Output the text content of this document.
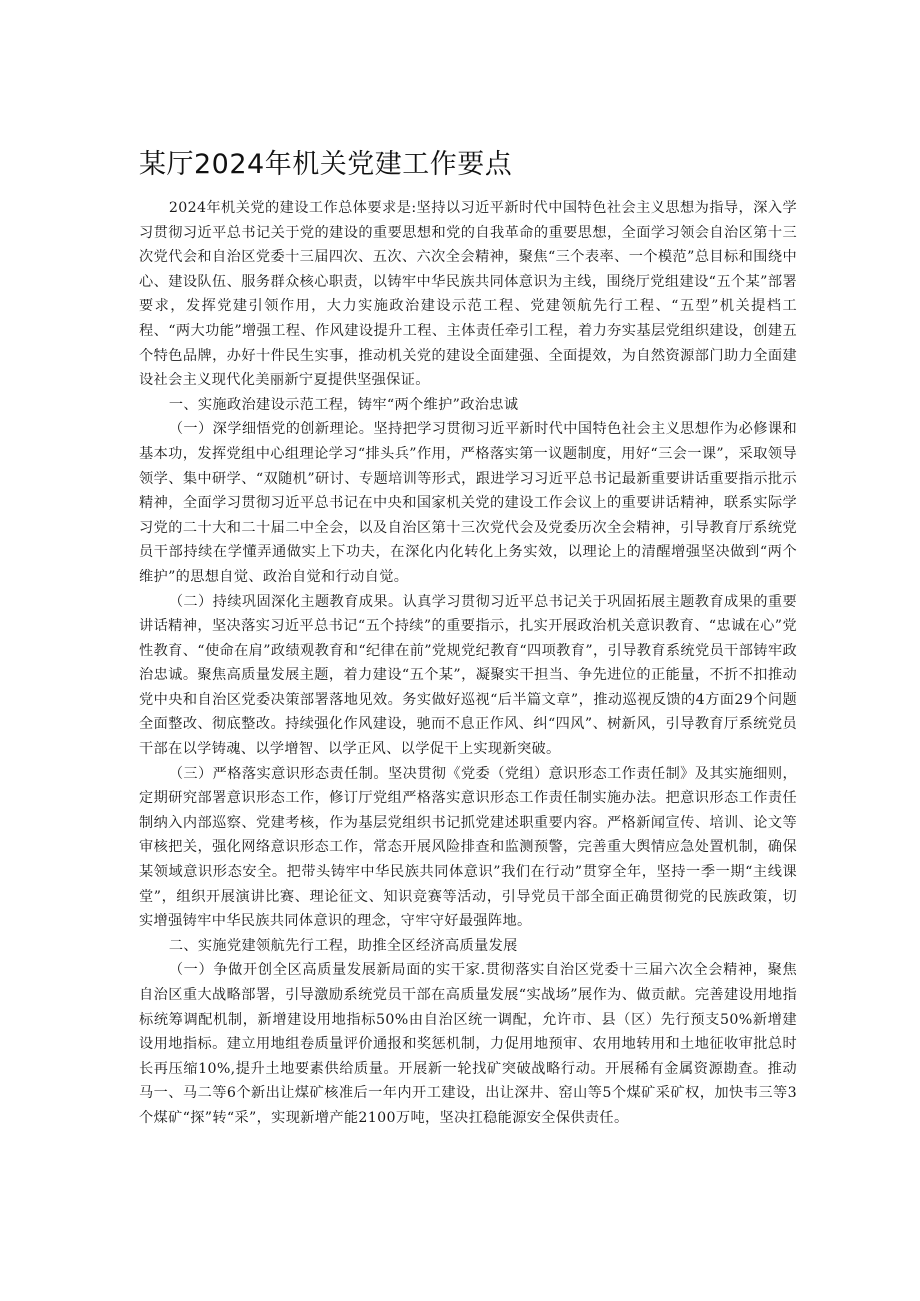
某厅2024年机关党建工作要点

2024年机关党的建设工作总体要求是:坚持以习近平新时代中国特色社会主义思想为指导，深入学习贯彻习近平总书记关于党的建设的重要思想和党的自我革命的重要思想，全面学习领会自治区第十三次党代会和自治区党委十三届四次、五次、六次全会精神，聚焦“三个表率、一个模范”总目标和围绕中心、建设队伍、服务群众核心职责，以铸牢中华民族共同体意识为主线，围绕厅党组建设“五个某”部署要求，发挥党建引领作用，大力实施政治建设示范工程、党建领航先行工程、“五型”机关提档工程、“两大功能”增强工程、作风建设提升工程、主体责任牵引工程，着力夯实基层党组织建设，创建五个特色品牌，办好十件民生实事，推动机关党的建设全面建强、全面提效，为自然资源部门助力全面建设社会主义现代化美丽新宁夏提供坚强保证。

一、实施政治建设示范工程，铸牢“两个维护”政治忠诚

（一）深学细悟党的创新理论。坚持把学习贯彻习近平新时代中国特色社会主义思想作为必修课和基本功，发挥党组中心组理论学习“排头兵”作用，严格落实第一议题制度，用好“三会一课”，采取领导领学、集中研学、“双随机”研讨、专题培训等形式，跟进学习习近平总书记最新重要讲话重要指示批示精神，全面学习贯彻习近平总书记在中央和国家机关党的建设工作会议上的重要讲话精神，联系实际学习党的二十大和二十届二中全会，以及自治区第十三次党代会及党委历次全会精神，引导教育厅系统党员干部持续在学懂弄通做实上下功夫，在深化内化转化上务实效，以理论上的清醒增强坚决做到“两个维护”的思想自觉、政治自觉和行动自觉。

（二）持续巩固深化主题教育成果。认真学习贯彻习近平总书记关于巩固拓展主题教育成果的重要讲话精神，坚决落实习近平总书记“五个持续”的重要指示，扎实开展政治机关意识教育、“忠诚在心”党性教育、“使命在肩”政绩观教育和“纪律在前”党规党纪教育“四项教育”，引导教育系统党员干部铸牢政治忠诚。聚焦高质量发展主题，着力建设“五个某”，凝聚实干担当、争先进位的正能量，不折不扣推动党中央和自治区党委决策部署落地见效。务实做好巡视“后半篇文章”，推动巡视反馈的4方面29个问题全面整改、彻底整改。持续强化作风建设，驰而不息正作风、纠“四风”、树新风，引导教育厅系统党员干部在以学铸魂、以学增智、以学正风、以学促干上实现新突破。

（三）严格落实意识形态责任制。坚决贯彻《党委（党组）意识形态工作责任制》及其实施细则，定期研究部署意识形态工作，修订厅党组严格落实意识形态工作责任制实施办法。把意识形态工作责任制纳入内部巡察、党建考核，作为基层党组织书记抓党建述职重要内容。严格新闻宣传、培训、论文等审核把关，强化网络意识形态工作，常态开展风险排查和监测预警，完善重大舆情应急处置机制，确保某领域意识形态安全。把带头铸牢中华民族共同体意识”我们在行动”贯穿全年，坚持一季一期“主线课堂”，组织开展演讲比赛、理论征文、知识竞赛等活动，引导党员干部全面正确贯彻党的民族政策，切实增强铸牢中华民族共同体意识的理念，守牢守好最强阵地。

二、实施党建领航先行工程，助推全区经济高质量发展

（一）争做开创全区高质量发展新局面的实干家.贯彻落实自治区党委十三届六次全会精神，聚焦自治区重大战略部署，引导激励系统党员干部在高质量发展“实战场”展作为、做贡献。完善建设用地指标统筹调配机制，新增建设用地指标50%由自治区统一调配，允许市、县（区）先行预支50%新增建设用地指标。建立用地组卷质量评价通报和奖惩机制，力促用地预审、农用地转用和土地征收审批总时长再压缩10%,提升土地要素供给质量。开展新一轮找矿突破战略行动。开展稀有金属资源勘查。推动马一、马二等6个新出让煤矿核准后一年内开工建设，出让深井、窑山等5个煤矿采矿权，加快韦三等3个煤矿“探”转“采”，实现新增产能2100万吨，坚决扛稳能源安全保供责任。
